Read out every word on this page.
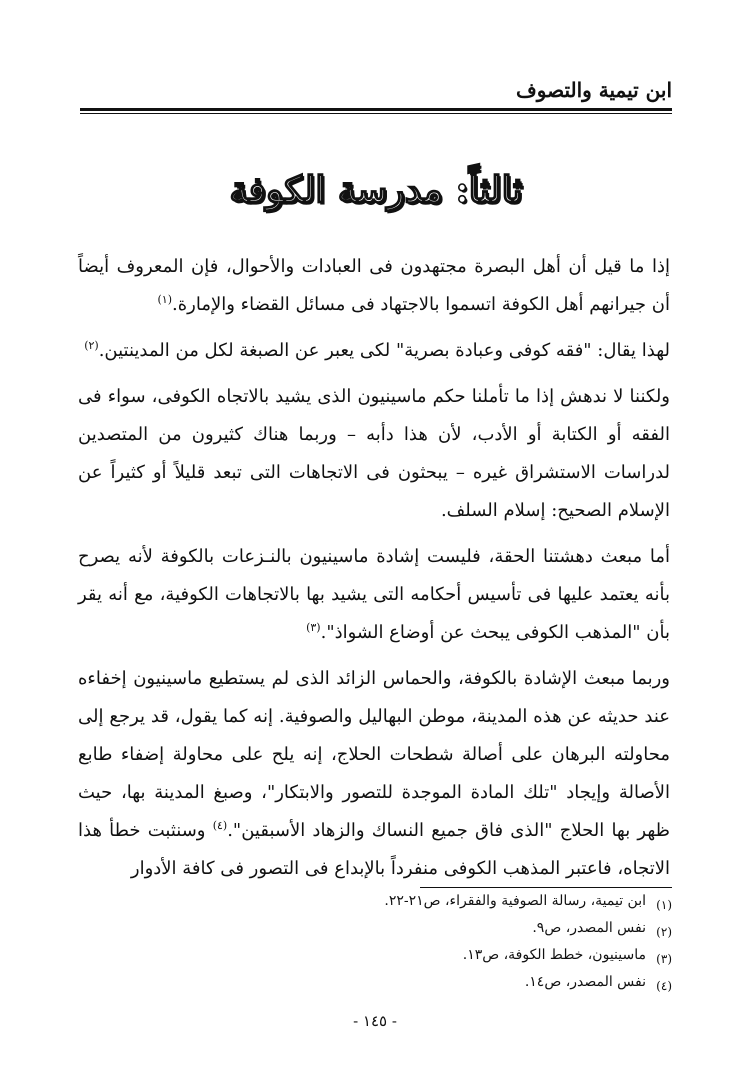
ابن تيمية والتصوف
ثالثاً: مدرسة الكوفة

إذا ما قيل أن أهل البصرة مجتهدون فى العبادات والأحوال، فإن المعروف أيضاً أن جيرانهم أهل الكوفة اتسموا بالاجتهاد فى مسائل القضاء والإمارة.$^{(١)}$

لهذا يقال: "فقه كوفى وعبادة بصرية" لكى يعبر عن الصبغة لكل من المدينتين.$^{(٢)}$

ولكننا لا ندهش إذا ما تأملنا حكم ماسينيون الذى يشيد بالاتجاه الكوفى، سواء فى الفقه أو الكتابة أو الأدب، لأن هذا دأبه – وربما هناك كثيرون من المتصدين لدراسات الاستشراق غيره – يبحثون فى الاتجاهات التى تبعد قليلاً أو كثيراً عن الإسلام الصحيح: إسلام السلف.

أما مبعث دهشتنا الحقة، فليست إشادة ماسينيون بالنـزعات بالكوفة لأنه يصرح بأنه يعتمد عليها فى تأسيس أحكامه التى يشيد بها بالاتجاهات الكوفية، مع أنه يقر بأن "المذهب الكوفى يبحث عن أوضاع الشواذ".$^{(٣)}$

وربما مبعث الإشادة بالكوفة، والحماس الزائد الذى لم يستطيع ماسينيون إخفاءه عند حديثه عن هذه المدينة، موطن البهاليل والصوفية. إنه كما يقول، قد يرجع إلى محاولته البرهان على أصالة شطحات الحلاج، إنه يلح على محاولة إضفاء طابع الأصالة وإيجاد "تلك المادة الموجدة للتصور والابتكار"، وصبغ المدينة بها، حيث ظهر بها الحلاج "الذى فاق جميع النساك والزهاد الأسبقين".$^{(٤)}$ وسنثبت خطأ هذا الاتجاه، فاعتبر المذهب الكوفى منفرداً بالإبداع فى التصور فى كافة الأدوار

(١)ابن تيمية، رسالة الصوفية والفقراء، ص٢١-٢٢.

(٢)نفس المصدر، ص٩.

(٣)ماسينيون، خطط الكوفة، ص١٣.

(٤)نفس المصدر، ص١٤.

- ١٤٥ -
